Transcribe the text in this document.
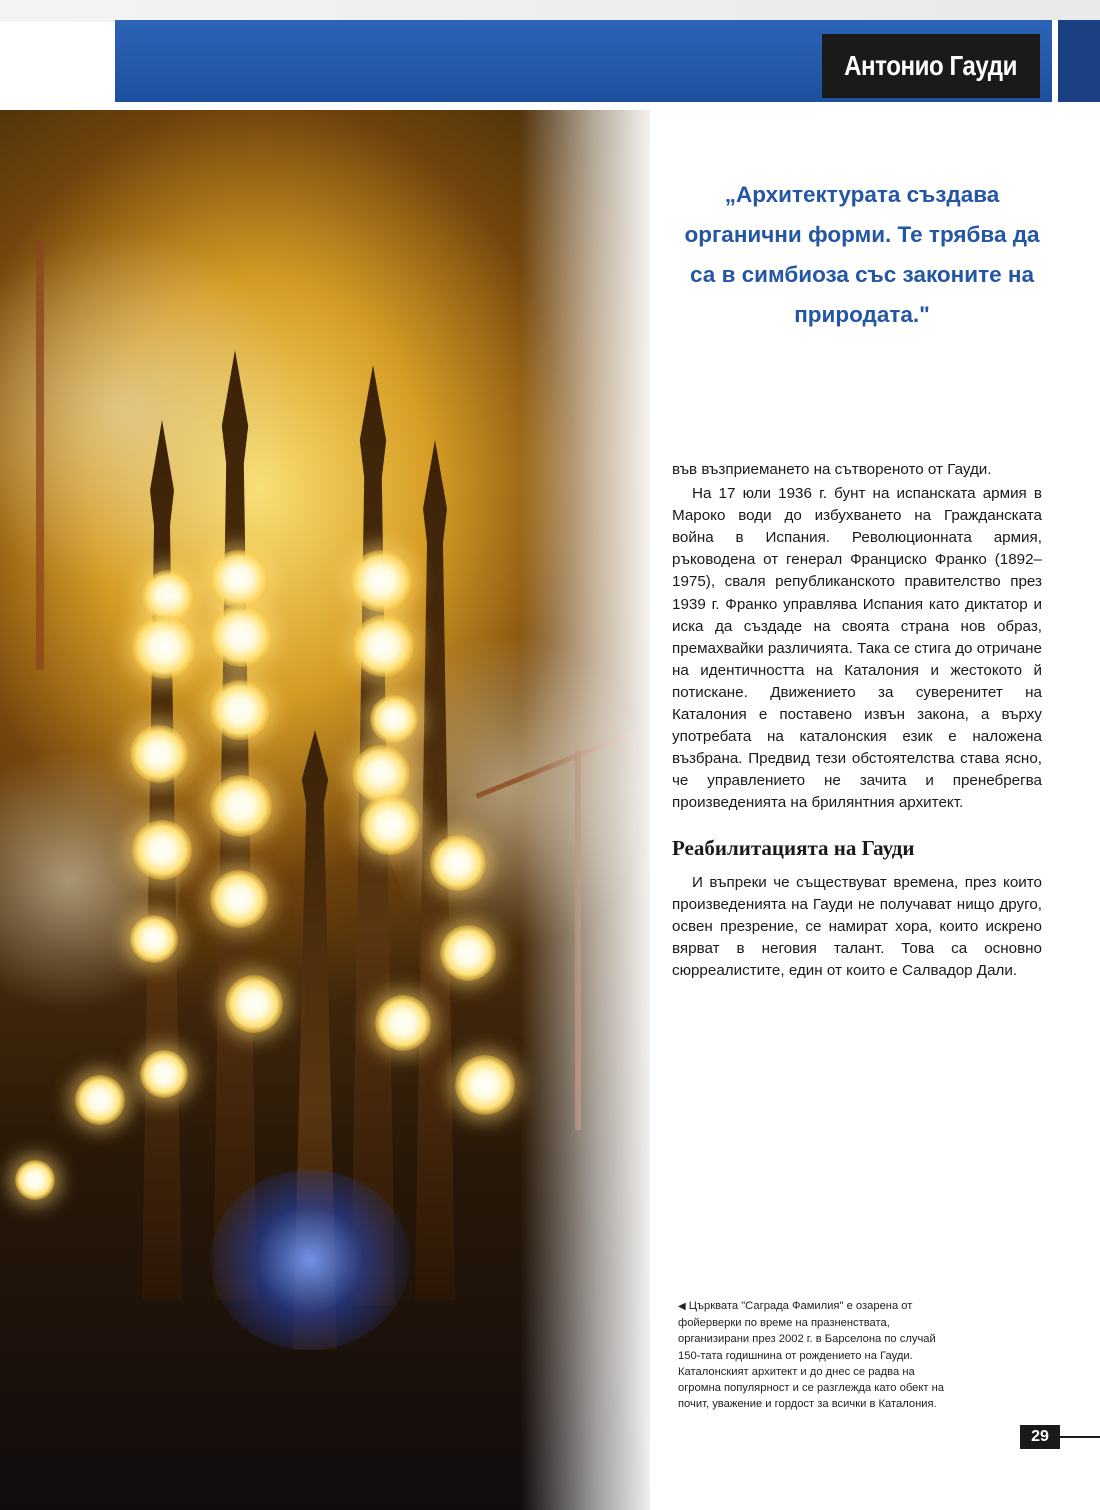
Антонио Гауди
„Архитектурата създава
органични форми. Те трябва да
са в симбиоза със законите на
природата."

във възприемането на сътвореното от Гауди.

На 17 юли 1936 г. бунт на испанската армия в Мароко води до избухването на Гражданската война в Испания. Революционната армия, ръководена от генерал Франциско Франко (1892–1975), сваля републиканското правителство през 1939 г. Франко управлява Испания като диктатор и иска да създаде на своята страна нов образ, премахвайки различията. Така се стига до отричане на идентичността на Каталония и жестокото й потискане. Движението за суверенитет на Каталония е поставено извън закона, а върху употребата на каталонския език е наложена възбрана. Предвид тези обстоятелства става ясно, че управлението не зачита и пренебрегва произведенията на брилянтния архитект.

Реабилитацията на Гауди

И въпреки че съществуват времена, през които произведенията на Гауди не получават нищо друго, освен презрение, се намират хора, които искрено вярват в неговия талант. Това са основно сюрреалистите, един от които е Салвадор Дали.

◀ Църквата "Саграда Фамилия" е озарена от фойерверки по време на празненствата, организирани през 2002 г. в Барселона по случай 150-тата годишнина от рождението на Гауди. Каталонският архитект и до днес се радва на огромна популярност и се разглежда като обект на почит, уважение и гордост за всички в Каталония.
29
